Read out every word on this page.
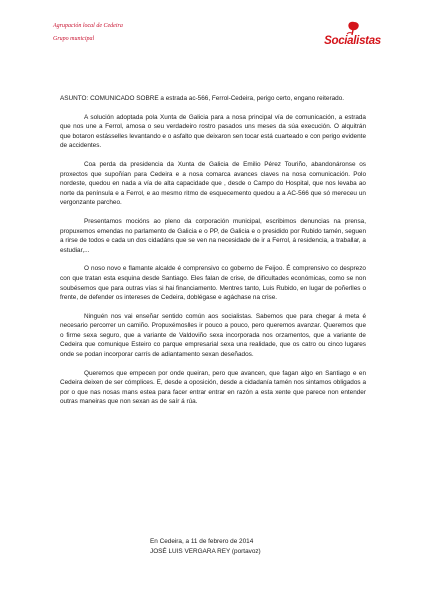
Agrupación local de Cedeira
Grupo municipal	Socialistas

ASUNTO: COMUNICADO SOBRE a estrada ac-566, Ferrol-Cedeira, perigo certo, engano reiterado.

A solución adoptada pola Xunta de Galicia para a nosa principal vía de comunicación, a estrada que nos une a Ferrol, amosa o seu verdadeiro rostro pasados uns meses da súa execución. O alquitrán que botaron estásselles levantando e o asfalto que deixaron sen tocar está cuarteado e con perigo evidente de accidentes.

Coa perda da presidencia da Xunta de Galicia de Emilio Pérez Touriño, abandonáronse os proxectos que supoñían para Cedeira e a nosa comarca avances claves na nosa comunicación. Polo nordeste, quedou en nada a vía de alta capacidade que , desde o Campo do Hospital, que nos levaba ao norte da península e a Ferrol, e ao mesmo ritmo de esquecemento quedou a a AC-566 que só mereceu un vergonzante parcheo.

Presentamos mocións ao pleno da corporación municipal, escribimos denuncias na prensa, propuxemos emendas no parlamento de Galicia e o PP, de Galicia e o presidido por Rubido tamén, seguen a rirse de todos e cada un dos cidadáns que se ven na necesidade de ir a Ferrol, á residencia, a traballar, a estudiar,...

O noso novo e flamante alcalde é comprensivo co goberno de Feijoo. É comprensivo co desprezo con que tratan esta esquina desde Santiago. Eles falan de crise, de dificultades económicas, como se non soubésemos que para outras vías si hai financiamento. Mentres tanto, Luis Rubido, en lugar de poñerlles o frente, de defender os intereses de Cedeira, doblégase e agáchase na crise.

Ninguén nos vai enseñar sentido común aos socialistas. Sabemos que para chegar á meta é necesario percorrer un camiño. Propuxémoslles ir pouco a pouco, pero queremos avanzar. Queremos que o firme sexa seguro, que a variante de Valdoviño sexa incorporada nos orzamentos, que a variante de Cedeira que comunique Esteiro co parque empresarial sexa una realidade, que os catro ou cinco lugares onde se podan incorporar carrís de adiantamento sexan deseñados.

Queremos que empecen por onde queiran, pero que avancen, que fagan algo en Santiago e en Cedeira deixen de ser cómplices. E, desde a oposición, desde a cidadanía tamén nos sintamos obligados a por o que nas nosas mans estea para facer entrar entrar en razón a esta xente que parece non entender outras maneiras que non sexan as de saír á rúa.

En Cedeira, a 11 de febrero de 2014
JOSÉ LUIS VERGARA REY (portavoz)
